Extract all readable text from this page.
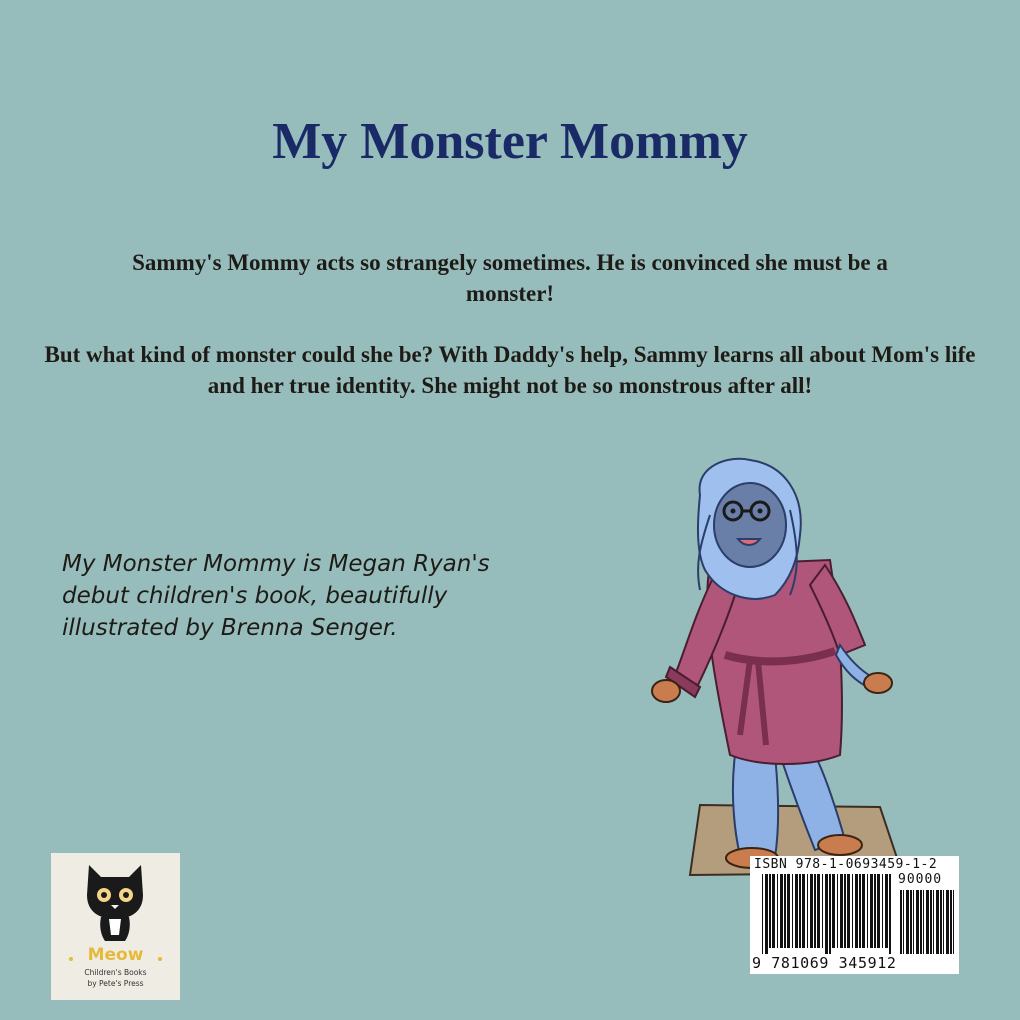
My Monster Mommy

Sammy's Mommy acts so strangely sometimes. He is convinced she must be a monster!

But what kind of monster could she be? With Daddy's help, Sammy learns all about Mom's life and her true identity. She might not be so monstrous after all!

My Monster Mommy is Megan Ryan's debut children's book, beautifully illustrated by Brenna Senger.

Meow
Children's Books
by Pete's Press
ISBN 978-1-0693459-1-2
90000
9 781069 345912
